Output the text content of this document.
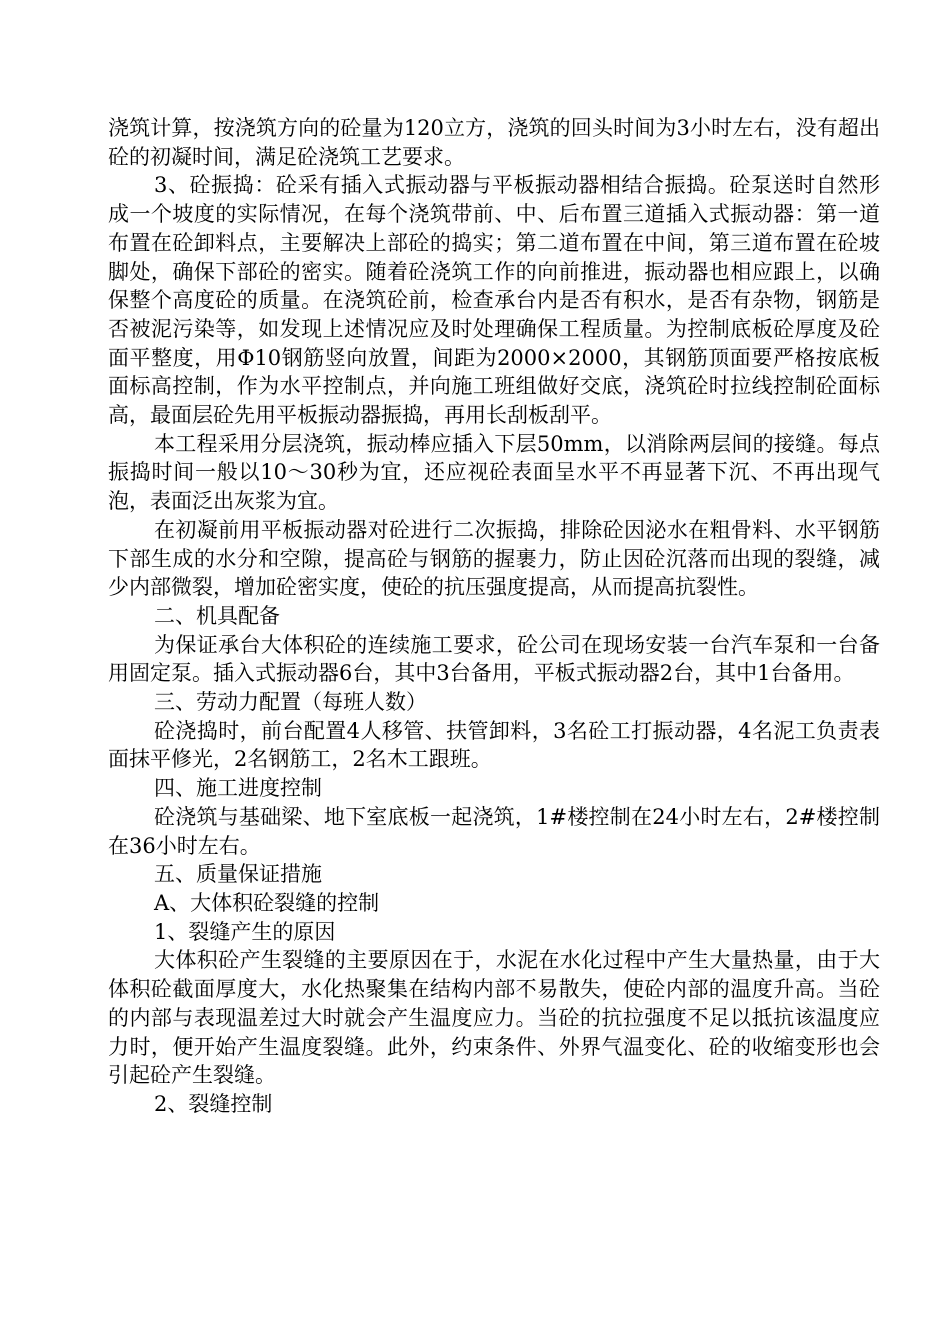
浇筑计算，按浇筑方向的砼量为120立方，浇筑的回头时间为3小时左右，没有超出砼的初凝时间，满足砼浇筑工艺要求。

3、砼振捣：砼采有插入式振动器与平板振动器相结合振捣。砼泵送时自然形成一个坡度的实际情况，在每个浇筑带前、中、后布置三道插入式振动器：第一道布置在砼卸料点，主要解决上部砼的捣实；第二道布置在中间，第三道布置在砼坡脚处，确保下部砼的密实。随着砼浇筑工作的向前推进，振动器也相应跟上，以确保整个高度砼的质量。在浇筑砼前，检查承台内是否有积水，是否有杂物，钢筋是否被泥污染等，如发现上述情况应及时处理确保工程质量。为控制底板砼厚度及砼面平整度，用Φ10钢筋竖向放置，间距为2000×2000，其钢筋顶面要严格按底板面标高控制，作为水平控制点，并向施工班组做好交底，浇筑砼时拉线控制砼面标高，最面层砼先用平板振动器振捣，再用长刮板刮平。

本工程采用分层浇筑，振动棒应插入下层50mm，以消除两层间的接缝。每点振捣时间一般以10～30秒为宜，还应视砼表面呈水平不再显著下沉、不再出现气泡，表面泛出灰浆为宜。

在初凝前用平板振动器对砼进行二次振捣，排除砼因泌水在粗骨料、水平钢筋下部生成的水分和空隙，提高砼与钢筋的握裹力，防止因砼沉落而出现的裂缝，减少内部微裂，增加砼密实度，使砼的抗压强度提高，从而提高抗裂性。

二、机具配备

为保证承台大体积砼的连续施工要求，砼公司在现场安装一台汽车泵和一台备用固定泵。插入式振动器6台，其中3台备用，平板式振动器2台，其中1台备用。

三、劳动力配置（每班人数）

砼浇捣时，前台配置4人移管、扶管卸料，3名砼工打振动器，4名泥工负责表面抹平修光，2名钢筋工，2名木工跟班。

四、施工进度控制

砼浇筑与基础梁、地下室底板一起浇筑，1#楼控制在24小时左右，2#楼控制在36小时左右。

五、质量保证措施

A、大体积砼裂缝的控制

1、裂缝产生的原因

大体积砼产生裂缝的主要原因在于，水泥在水化过程中产生大量热量，由于大体积砼截面厚度大，水化热聚集在结构内部不易散失，使砼内部的温度升高。当砼的内部与表现温差过大时就会产生温度应力。当砼的抗拉强度不足以抵抗该温度应力时，便开始产生温度裂缝。此外，约束条件、外界气温变化、砼的收缩变形也会引起砼产生裂缝。

2、裂缝控制
